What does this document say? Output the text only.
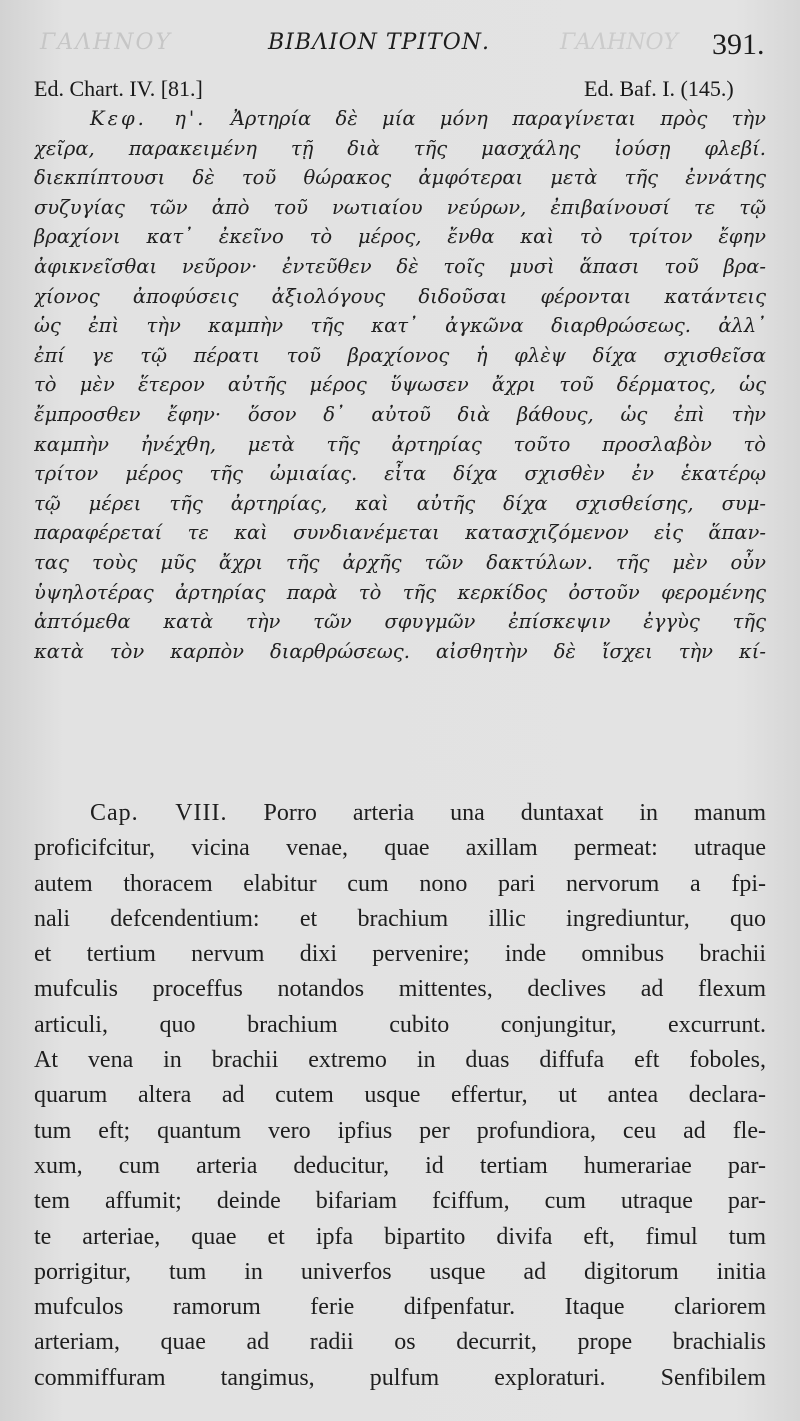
ΓΑΛΗΝΟΥ	ΓΑΛΗΝΟΥ
ΒΙΒΛΙΟΝ ΤΡΙΤΟΝ.	391.
Ed. Chart. IV. [81.]	Ed. Baf. I. (145.)
Κεφ. η'. Ἀρτηρία δὲ μία μόνη παραγίνεται πρὸς τὴν
χεῖρα, παρακειμένη τῇ διὰ τῆς μασχάλης ἰούσῃ φλεβί.
διεκπίπτουσι δὲ τοῦ θώρακος ἀμφότεραι μετὰ τῆς ἐννάτης
συζυγίας τῶν ἀπὸ τοῦ νωτιαίου νεύρων, ἐπιβαίνουσί τε τῷ
βραχίονι κατ᾽ ἐκεῖνο τὸ μέρος, ἔνθα καὶ τὸ τρίτον ἔφην
ἀφικνεῖσθαι νεῦρον· ἐντεῦθεν δὲ τοῖς μυσὶ ἅπασι τοῦ βρα-
χίονος ἀποφύσεις ἀξιολόγους διδοῦσαι φέρονται κατάντεις
ὡς ἐπὶ τὴν καμπὴν τῆς κατ᾽ ἀγκῶνα διαρθρώσεως. ἀλλ᾽
ἐπί γε τῷ πέρατι τοῦ βραχίονος ἡ φλὲψ δίχα σχισθεῖσα
τὸ μὲν ἕτερον αὐτῆς μέρος ὕψωσεν ἄχρι τοῦ δέρματος, ὡς
ἔμπροσθεν ἔφην· ὅσον δ᾽ αὐτοῦ διὰ βάθους, ὡς ἐπὶ τὴν
καμπὴν ἠνέχθη, μετὰ τῆς ἀρτηρίας τοῦτο προσλαβὸν τὸ
τρίτον μέρος τῆς ὠμιαίας. εἶτα δίχα σχισθὲν ἐν ἑκατέρῳ
τῷ μέρει τῆς ἀρτηρίας, καὶ αὐτῆς δίχα σχισθείσης, συμ-
παραφέρεταί τε καὶ συνδιανέμεται κατασχιζόμενον εἰς ἅπαν-
τας τοὺς μῦς ἄχρι τῆς ἀρχῆς τῶν δακτύλων. τῆς μὲν οὖν
ὑψηλοτέρας ἀρτηρίας παρὰ τὸ τῆς κερκίδος ὀστοῦν φερομένης
ἁπτόμεθα κατὰ τὴν τῶν σφυγμῶν ἐπίσκεψιν ἐγγὺς τῆς
κατὰ τὸν καρπὸν διαρθρώσεως. αἰσθητὴν δὲ ἴσχει τὴν κί-
Cap. VIII. Porro arteria una duntaxat in manum
proficifcitur, vicina venae, quae axillam permeat: utraque
autem thoracem elabitur cum nono pari nervorum a fpi-
nali defcendentium: et brachium illic ingrediuntur, quo
et tertium nervum dixi pervenire; inde omnibus brachii
mufculis proceffus notandos mittentes, declives ad flexum
articuli, quo brachium cubito conjungitur, excurrunt.
At vena in brachii extremo in duas diffufa eft foboles,
quarum altera ad cutem usque effertur, ut antea declara-
tum eft; quantum vero ipfius per profundiora, ceu ad fle-
xum, cum arteria deducitur, id tertiam humerariae par-
tem affumit; deinde bifariam fciffum, cum utraque par-
te arteriae, quae et ipfa bipartito divifa eft, fimul tum
porrigitur, tum in univerfos usque ad digitorum initia
mufculos ramorum ferie difpenfatur. Itaque clariorem
arteriam, quae ad radii os decurrit, prope brachialis
commiffuram tangimus, pulfum exploraturi. Senfibilem
